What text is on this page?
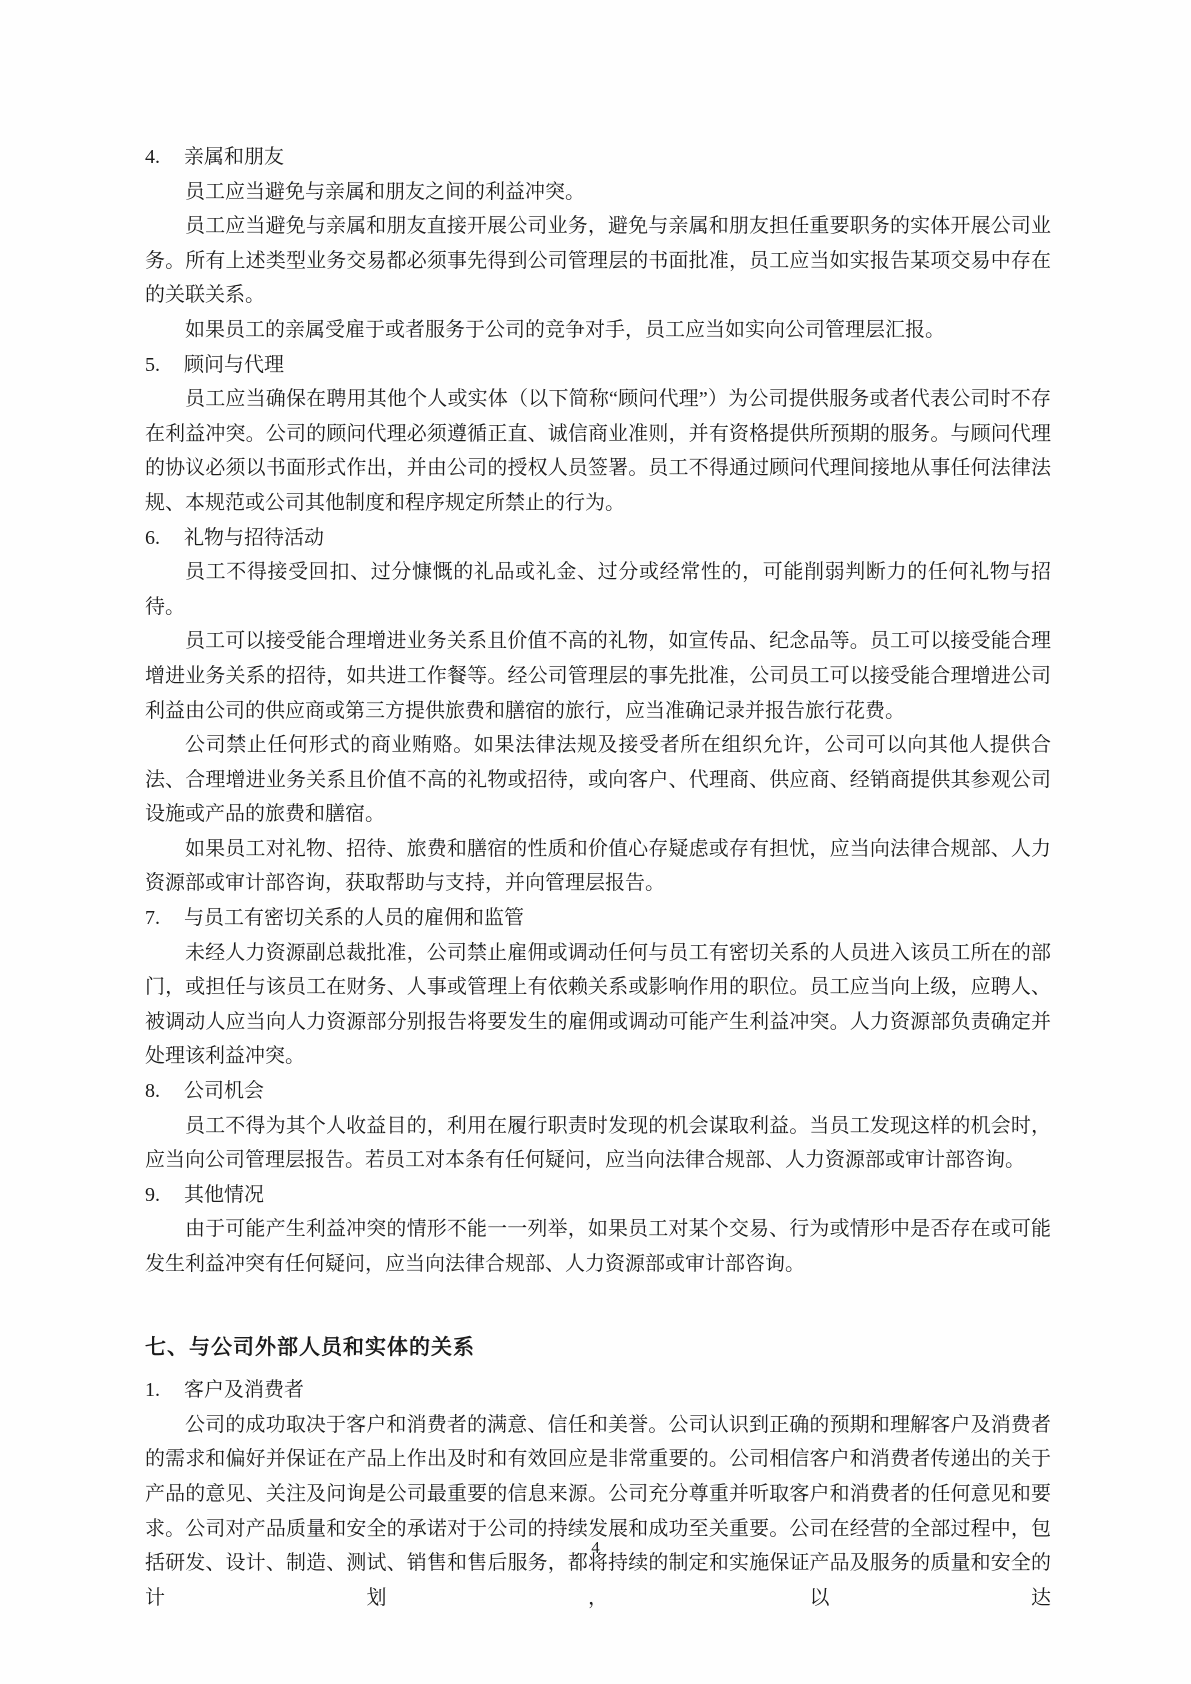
4. 亲属和朋友

员工应当避免与亲属和朋友之间的利益冲突。

员工应当避免与亲属和朋友直接开展公司业务，避免与亲属和朋友担任重要职务的实体开展公司业务。所有上述类型业务交易都必须事先得到公司管理层的书面批准，员工应当如实报告某项交易中存在的关联关系。

如果员工的亲属受雇于或者服务于公司的竞争对手，员工应当如实向公司管理层汇报。

5. 顾问与代理

员工应当确保在聘用其他个人或实体（以下简称“顾问代理”）为公司提供服务或者代表公司时不存在利益冲突。公司的顾问代理必须遵循正直、诚信商业准则，并有资格提供所预期的服务。与顾问代理的协议必须以书面形式作出，并由公司的授权人员签署。员工不得通过顾问代理间接地从事任何法律法规、本规范或公司其他制度和程序规定所禁止的行为。

6. 礼物与招待活动

员工不得接受回扣、过分慷慨的礼品或礼金、过分或经常性的，可能削弱判断力的任何礼物与招待。

员工可以接受能合理增进业务关系且价值不高的礼物，如宣传品、纪念品等。员工可以接受能合理增进业务关系的招待，如共进工作餐等。经公司管理层的事先批准，公司员工可以接受能合理增进公司利益由公司的供应商或第三方提供旅费和膳宿的旅行，应当准确记录并报告旅行花费。

公司禁止任何形式的商业贿赂。如果法律法规及接受者所在组织允许，公司可以向其他人提供合法、合理增进业务关系且价值不高的礼物或招待，或向客户、代理商、供应商、经销商提供其参观公司设施或产品的旅费和膳宿。

如果员工对礼物、招待、旅费和膳宿的性质和价值心存疑虑或存有担忧，应当向法律合规部、人力资源部或审计部咨询，获取帮助与支持，并向管理层报告。

7. 与员工有密切关系的人员的雇佣和监管

未经人力资源副总裁批准，公司禁止雇佣或调动任何与员工有密切关系的人员进入该员工所在的部门，或担任与该员工在财务、人事或管理上有依赖关系或影响作用的职位。员工应当向上级，应聘人、被调动人应当向人力资源部分别报告将要发生的雇佣或调动可能产生利益冲突。人力资源部负责确定并处理该利益冲突。

8. 公司机会

员工不得为其个人收益目的，利用在履行职责时发现的机会谋取利益。当员工发现这样的机会时，应当向公司管理层报告。若员工对本条有任何疑问，应当向法律合规部、人力资源部或审计部咨询。

9. 其他情况

由于可能产生利益冲突的情形不能一一列举，如果员工对某个交易、行为或情形中是否存在或可能发生利益冲突有任何疑问，应当向法律合规部、人力资源部或审计部咨询。

七、与公司外部人员和实体的关系
1. 客户及消费者

公司的成功取决于客户和消费者的满意、信任和美誉。公司认识到正确的预期和理解客户及消费者的需求和偏好并保证在产品上作出及时和有效回应是非常重要的。公司相信客户和消费者传递出的关于产品的意见、关注及问询是公司最重要的信息来源。公司充分尊重并听取客户和消费者的任何意见和要求。公司对产品质量和安全的承诺对于公司的持续发展和成功至关重要。公司在经营的全部过程中，包括研发、设计、制造、测试、销售和售后服务，都将持续的制定和实施保证产品及服务的质量和安全的计划，以达

4
